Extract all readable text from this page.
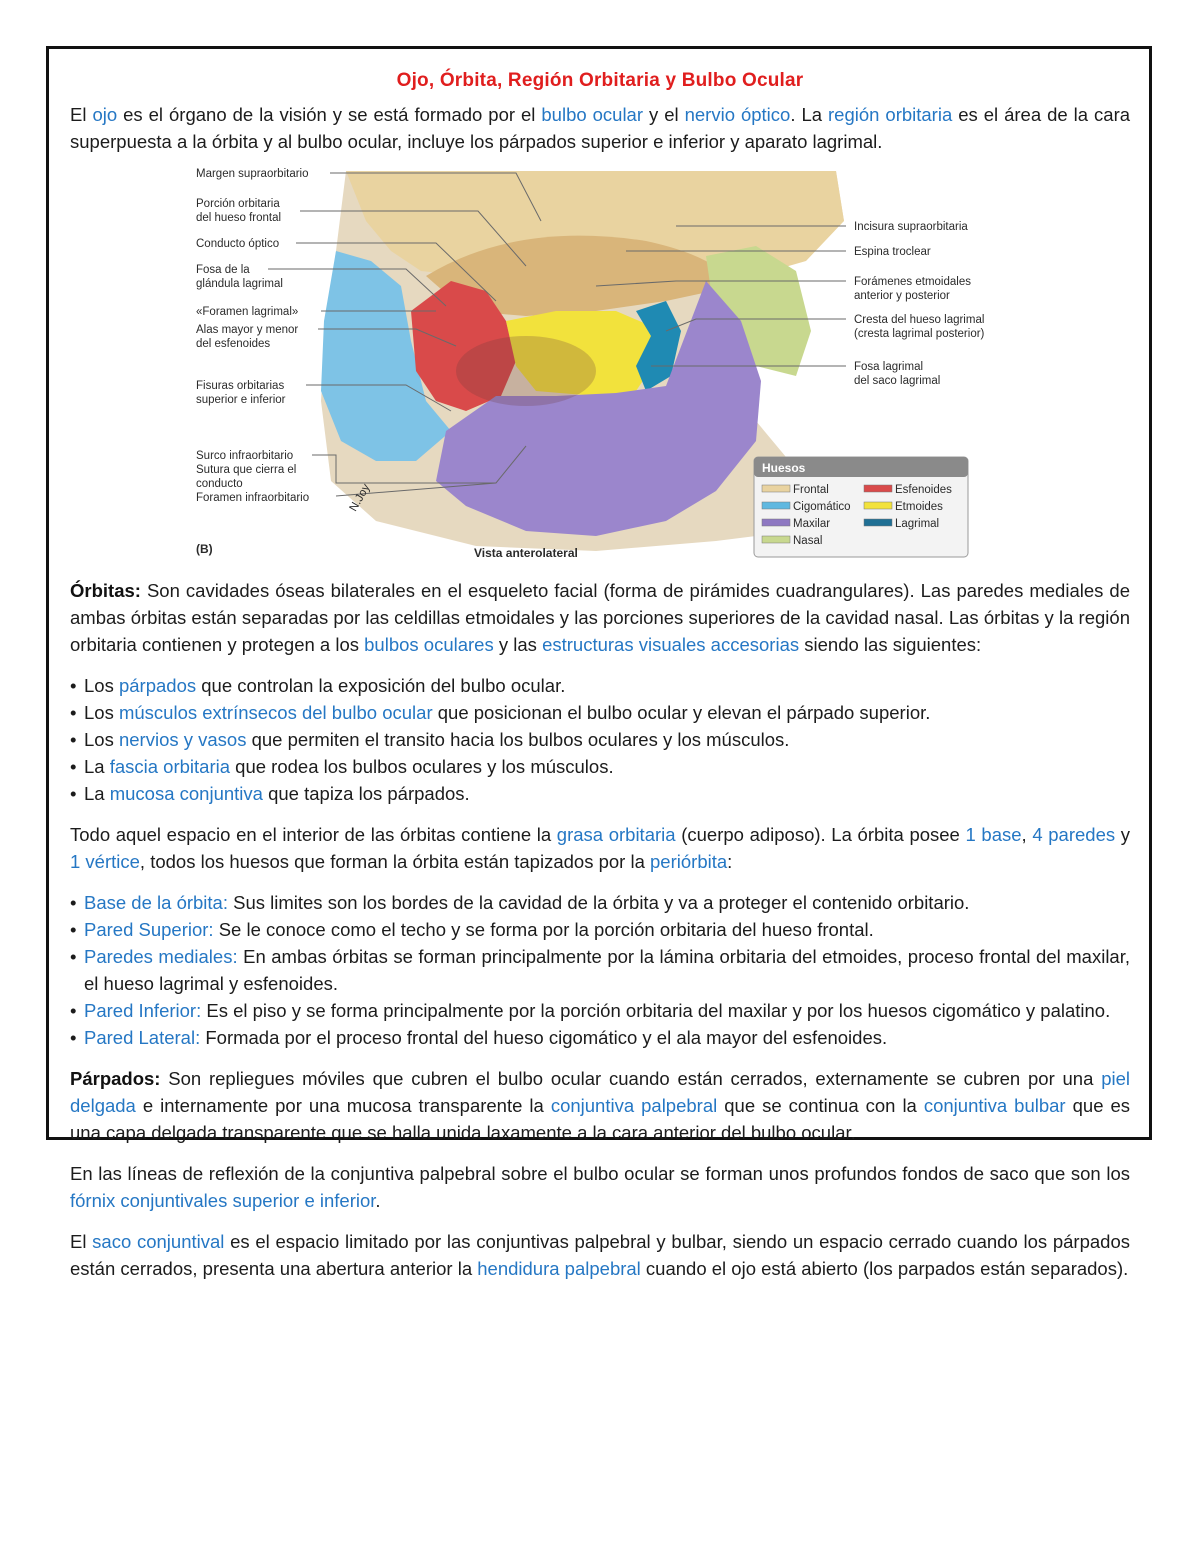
Ojo, Órbita, Región Orbitaria y Bulbo Ocular

El ojo es el órgano de la visión y se está formado por el bulbo ocular y el nervio óptico. La región orbitaria es el área de la cara superpuesta a la órbita y al bulbo ocular, incluye los párpados superior e inferior y aparato lagrimal.

Margen supraorbitario
Porción orbitaria
del hueso frontal
Conducto óptico
Fosa de la
glándula lagrimal
«Foramen lagrimal»
Alas mayor y menor
del esfenoides
Fisuras orbitarias
superior e inferior
Surco infraorbitario
Sutura que cierra el
conducto
Foramen infraorbitario
Incisura supraorbitaria
Espina troclear
Forámenes etmoidales
anterior y posterior
Cresta del hueso lagrimal
(cresta lagrimal posterior)
Fosa lagrimal
del saco lagrimal
(B)	Vista anterolateral
N.Joy
Huesos
Frontal	Esfenoides
Cigomático	Etmoides
Maxilar	Lagrimal
Nasal

Órbitas: Son cavidades óseas bilaterales en el esqueleto facial (forma de pirámides cuadrangulares). Las paredes mediales de ambas órbitas están separadas por las celdillas etmoidales y las porciones superiores de la cavidad nasal. Las órbitas y la región orbitaria contienen y protegen a los bulbos oculares y las estructuras visuales accesorias siendo las siguientes:

• Los párpados que controlan la exposición del bulbo ocular.
• Los músculos extrínsecos del bulbo ocular que posicionan el bulbo ocular y elevan el párpado superior.
• Los nervios y vasos que permiten el transito hacia los bulbos oculares y los músculos.
• La fascia orbitaria que rodea los bulbos oculares y los músculos.
• La mucosa conjuntiva que tapiza los párpados.

Todo aquel espacio en el interior de las órbitas contiene la grasa orbitaria (cuerpo adiposo). La órbita posee 1 base, 4 paredes y 1 vértice, todos los huesos que forman la órbita están tapizados por la periórbita:

• Base de la órbita: Sus limites son los bordes de la cavidad de la órbita y va a proteger el contenido orbitario.
• Pared Superior: Se le conoce como el techo y se forma por la porción orbitaria del hueso frontal.
• Paredes mediales: En ambas órbitas se forman principalmente por la lámina orbitaria del etmoides, proceso frontal del maxilar, el hueso lagrimal y esfenoides.
• Pared Inferior: Es el piso y se forma principalmente por la porción orbitaria del maxilar y por los huesos cigomático y palatino.
• Pared Lateral: Formada por el proceso frontal del hueso cigomático y el ala mayor del esfenoides.

Párpados: Son repliegues móviles que cubren el bulbo ocular cuando están cerrados, externamente se cubren por una piel delgada e internamente por una mucosa transparente la conjuntiva palpebral que se continua con la conjuntiva bulbar que es una capa delgada transparente que se halla unida laxamente a la cara anterior del bulbo ocular.

En las líneas de reflexión de la conjuntiva palpebral sobre el bulbo ocular se forman unos profundos fondos de saco que son los fórnix conjuntivales superior e inferior.

El saco conjuntival es el espacio limitado por las conjuntivas palpebral y bulbar, siendo un espacio cerrado cuando los párpados están cerrados, presenta una abertura anterior la hendidura palpebral cuando el ojo está abierto (los parpados están separados).
